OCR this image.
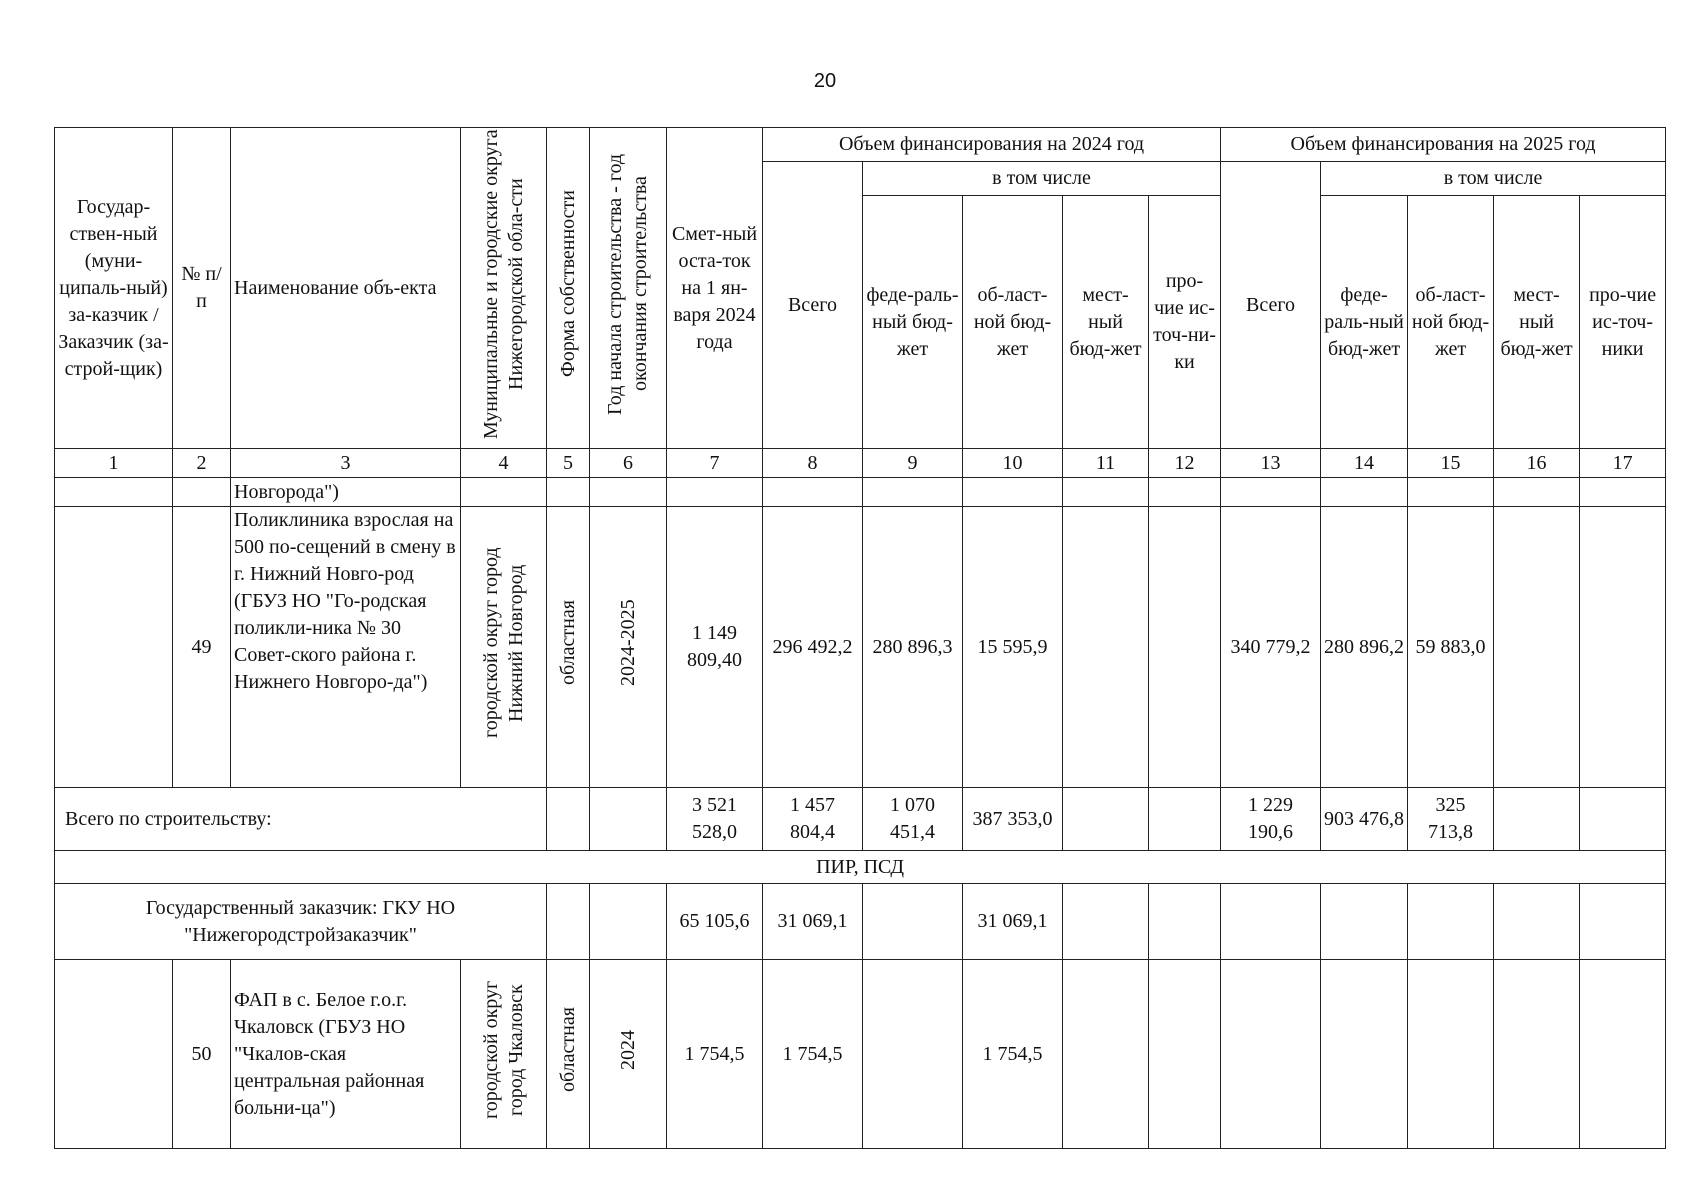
20
Государ-ствен-ный (муни-ципаль-ный) за-казчик / Заказчик (за-строй-щик)	№ п/п	Наименование объ-екта	Муниципальные и городские округа Нижегородской обла-сти	Форма собственности	Год начала строительства - год окончания строительства	Смет-ный оста-ток на 1 ян-варя 2024 года	Объем финансирования на 2024 год					Объем финансирования на 2025 год				
							Всего	в том числе				Всего	в том числе			
								феде-раль-ный бюд-жет	об-ласт-ной бюд-жет	мест-ный бюд-жет	про-чие ис-точ-ни-ки		феде-раль-ный бюд-жет	об-ласт-ной бюд-жет	мест-ный бюд-жет	про-чие ис-точ-ники
1	2	3	4	5	6	7	8	9	10	11	12	13	14	15	16	17
		Новгорода")														
	49	Поликлиника взрослая на 500 по-сещений в смену в г. Нижний Новго-род (ГБУЗ НО "Го-родская поликли-ника № 30 Совет-ского района г. Нижнего Новгоро-да")	городской округ город Нижний Новгород	областная	2024-2025	1 149 809,40	296 492,2	280 896,3	15 595,9			340 779,2	280 896,2	59 883,0		
Всего по строительству:						3 521 528,0	1 457 804,4	1 070 451,4	387 353,0			1 229 190,6	903 476,8	325 713,8		
ПИР, ПСД																
Государственный заказчик: ГКУ НО "Нижегородстройзаказчик"						65 105,6	31 069,1		31 069,1							
	50	ФАП в с. Белое г.о.г. Чкаловск (ГБУЗ НО "Чкалов-ская центральная районная больни-ца")	городской округ город Чкаловск	областная	2024	1 754,5	1 754,5		1 754,5							
